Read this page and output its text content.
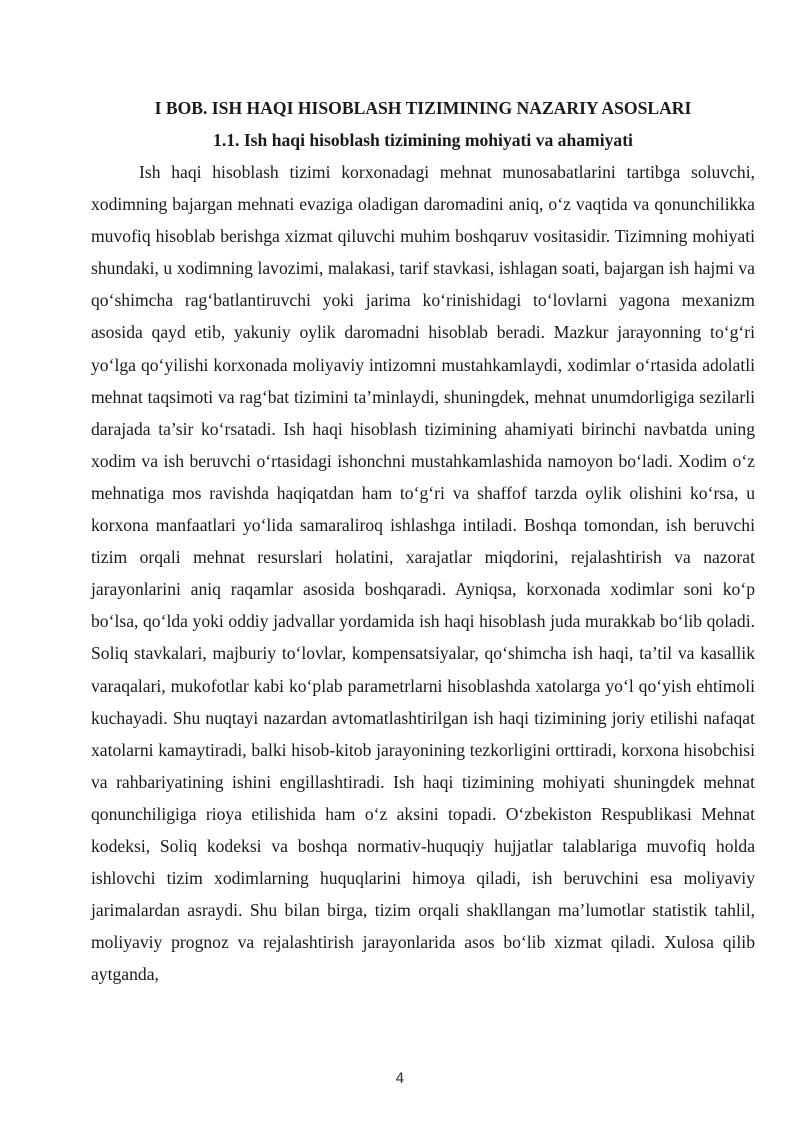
I BOB. ISH HAQI HISOBLASH TIZIMINING NAZARIY ASOSLARI
1.1. Ish haqi hisoblash tizimining mohiyati va ahamiyati

Ish haqi hisoblash tizimi korxonadagi mehnat munosabatlarini tartibga soluvchi, xodimning bajargan mehnati evaziga oladigan daromadini aniq, o‘z vaqtida va qonunchilikka muvofiq hisoblab berishga xizmat qiluvchi muhim boshqaruv vositasidir. Tizimning mohiyati shundaki, u xodimning lavozimi, malakasi, tarif stavkasi, ishlagan soati, bajargan ish hajmi va qo‘shimcha rag‘batlantiruvchi yoki jarima ko‘rinishidagi to‘lovlarni yagona mexanizm asosida qayd etib, yakuniy oylik daromadni hisoblab beradi. Mazkur jarayonning to‘g‘ri yo‘lga qo‘yilishi korxonada moliyaviy intizomni mustahkamlaydi, xodimlar o‘rtasida adolatli mehnat taqsimoti va rag‘bat tizimini ta’minlaydi, shuningdek, mehnat unumdorligiga sezilarli darajada ta’sir ko‘rsatadi. Ish haqi hisoblash tizimining ahamiyati birinchi navbatda uning xodim va ish beruvchi o‘rtasidagi ishonchni mustahkamlashida namoyon bo‘ladi. Xodim o‘z mehnatiga mos ravishda haqiqatdan ham to‘g‘ri va shaffof tarzda oylik olishini ko‘rsa, u korxona manfaatlari yo‘lida samaraliroq ishlashga intiladi. Boshqa tomondan, ish beruvchi tizim orqali mehnat resurslari holatini, xarajatlar miqdorini, rejalashtirish va nazorat jarayonlarini aniq raqamlar asosida boshqaradi. Ayniqsa, korxonada xodimlar soni ko‘p bo‘lsa, qo‘lda yoki oddiy jadvallar yordamida ish haqi hisoblash juda murakkab bo‘lib qoladi. Soliq stavkalari, majburiy to‘lovlar, kompensatsiyalar, qo‘shimcha ish haqi, ta’til va kasallik varaqalari, mukofotlar kabi ko‘plab parametrlarni hisoblashda xatolarga yo‘l qo‘yish ehtimoli kuchayadi. Shu nuqtayi nazardan avtomatlashtirilgan ish haqi tizimining joriy etilishi nafaqat xatolarni kamaytiradi, balki hisob-kitob jarayonining tezkorligini orttiradi, korxona hisobchisi va rahbariyatining ishini engillashtiradi. Ish haqi tizimining mohiyati shuningdek mehnat qonunchiligiga rioya etilishida ham o‘z aksini topadi. O‘zbekiston Respublikasi Mehnat kodeksi, Soliq kodeksi va boshqa normativ-huquqiy hujjatlar talablariga muvofiq holda ishlovchi tizim xodimlarning huquqlarini himoya qiladi, ish beruvchini esa moliyaviy jarimalardan asraydi. Shu bilan birga, tizim orqali shakllangan ma’lumotlar statistik tahlil, moliyaviy prognoz va rejalashtirish jarayonlarida asos bo‘lib xizmat qiladi. Xulosa qilib aytganda,

4
